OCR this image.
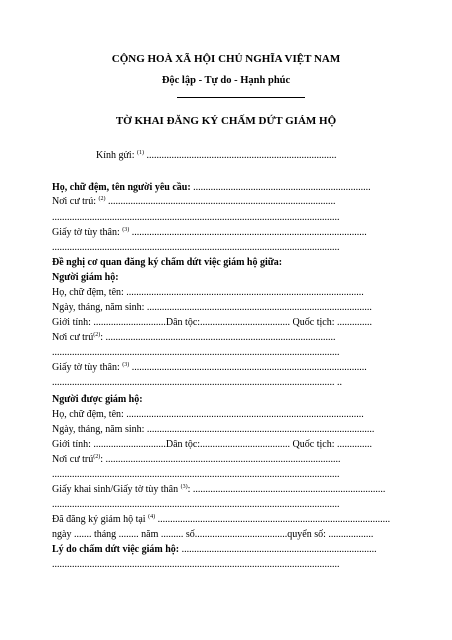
CỘNG HOÀ XÃ HỘI CHỦ NGHĨA VIỆT NAM
Độc lập - Tự do - Hạnh phúc
TỜ KHAI ĐĂNG KÝ CHẤM DỨT GIÁM HỘ
Kính gửi: $^{(1)}$ ............................................................................
Họ, chữ đệm, tên người yêu cầu: .......................................................................
Nơi cư trú: $^{(2)}$ ...........................................................................................
...................................................................................................................
Giấy tờ tùy thân: $^{(3)}$ ..............................................................................................
...................................................................................................................
Đề nghị cơ quan đăng ký chấm dứt việc giám hộ giữa:
Người giám hộ:
Họ, chữ đệm, tên: ...............................................................................................
Ngày, tháng, năm sinh: ..........................................................................................
Giới tính: .............................Dân tộc:.................................... Quốc tịch: ..............
Nơi cư trú$^{(2)}$: ............................................................................................
...................................................................................................................
Giấy tờ tùy thân: $^{(3)}$ ..............................................................................................
................................................................................................................. ..
Người được giám hộ:
Họ, chữ đệm, tên: ...............................................................................................
Ngày, tháng, năm sinh: ...........................................................................................
Giới tính: .............................Dân tộc:.................................... Quốc tịch: ..............
Nơi cư trú$^{(2)}$: ..............................................................................................
...................................................................................................................
Giấy khai sinh/Giấy tờ tùy thân $^{(3)}$: .............................................................................
...................................................................................................................
Đã đăng ký giám hộ tại $^{(4)}$ .............................................................................................
ngày ....... tháng ........ năm ......... số.....................................quyển số: ..................
Lý do chấm dứt việc giám hộ: ..............................................................................
...................................................................................................................
